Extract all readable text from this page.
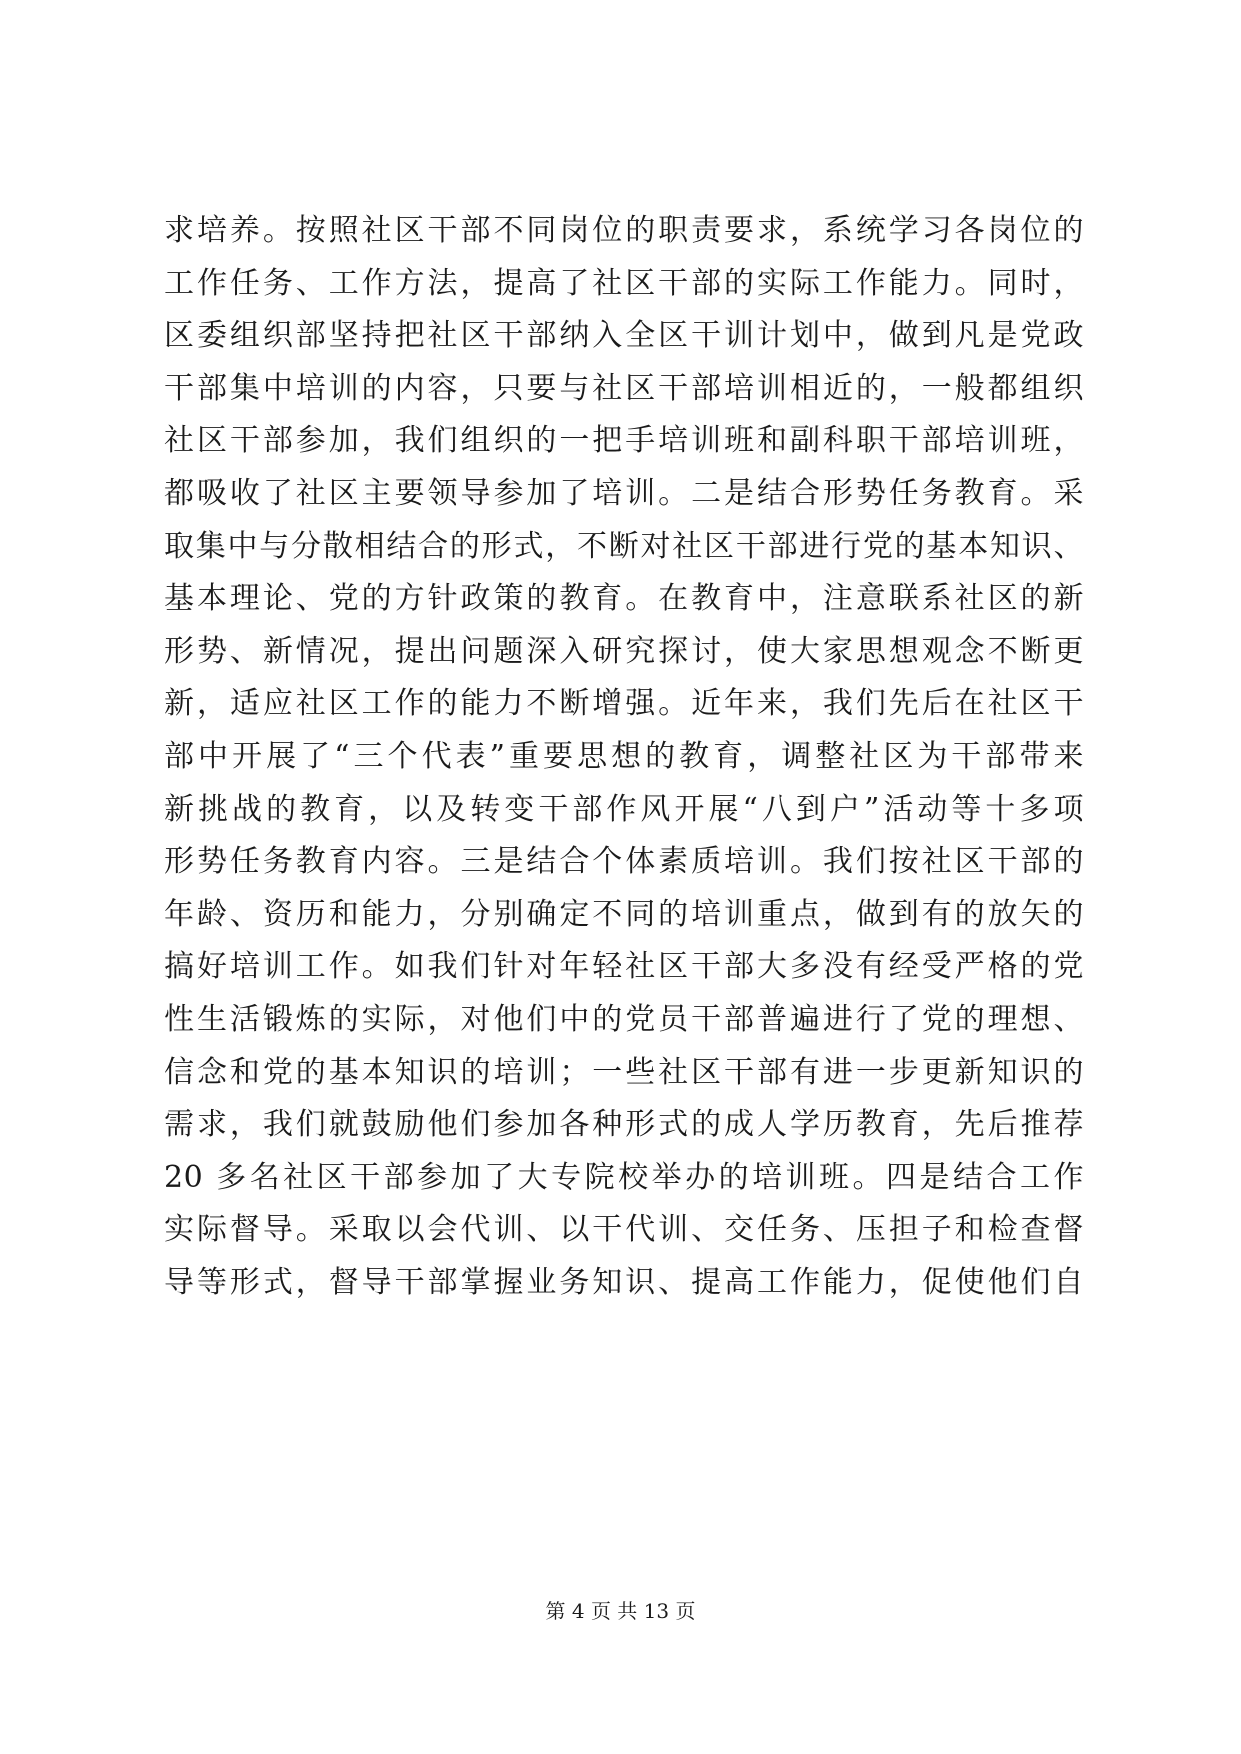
求培养。按照社区干部不同岗位的职责要求，系统学习各岗位的
工作任务、工作方法，提高了社区干部的实际工作能力。同时，
区委组织部坚持把社区干部纳入全区干训计划中，做到凡是党政
干部集中培训的内容，只要与社区干部培训相近的，一般都组织
社区干部参加，我们组织的一把手培训班和副科职干部培训班，
都吸收了社区主要领导参加了培训。二是结合形势任务教育。采
取集中与分散相结合的形式，不断对社区干部进行党的基本知识、
基本理论、党的方针政策的教育。在教育中，注意联系社区的新
形势、新情况，提出问题深入研究探讨，使大家思想观念不断更
新，适应社区工作的能力不断增强。近年来，我们先后在社区干
部中开展了“三个代表”重要思想的教育，调整社区为干部带来
新挑战的教育，以及转变干部作风开展“八到户”活动等十多项
形势任务教育内容。三是结合个体素质培训。我们按社区干部的
年龄、资历和能力，分别确定不同的培训重点，做到有的放矢的
搞好培训工作。如我们针对年轻社区干部大多没有经受严格的党
性生活锻炼的实际，对他们中的党员干部普遍进行了党的理想、
信念和党的基本知识的培训；一些社区干部有进一步更新知识的
需求，我们就鼓励他们参加各种形式的成人学历教育，先后推荐
20 多名社区干部参加了大专院校举办的培训班。四是结合工作
实际督导。采取以会代训、以干代训、交任务、压担子和检查督
导等形式，督导干部掌握业务知识、提高工作能力，促使他们自
第 4 页 共 13 页
